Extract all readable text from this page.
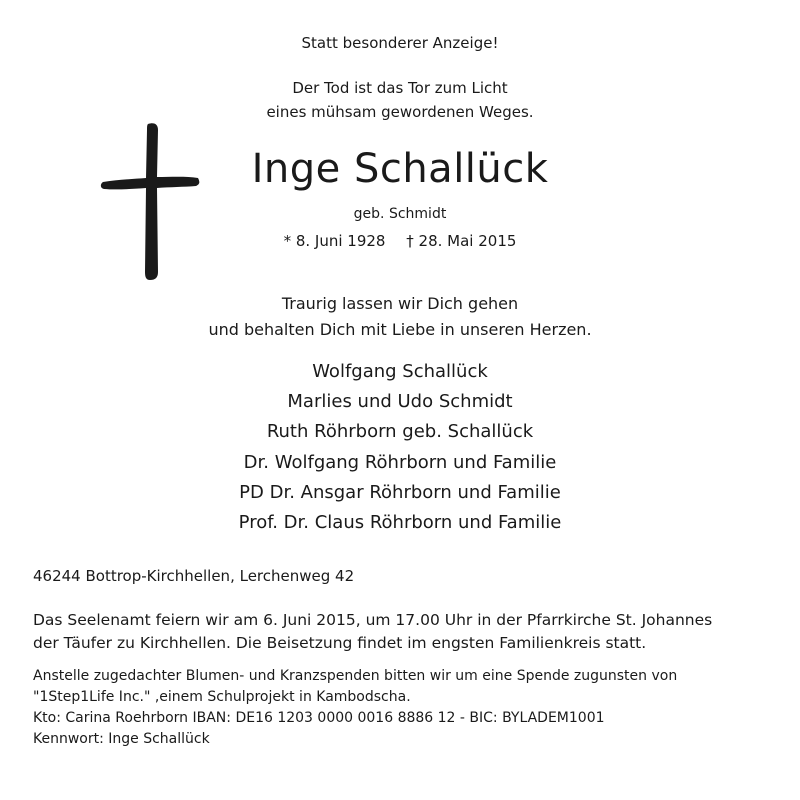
Statt besonderer Anzeige!
Der Tod ist das Tor zum Licht
eines mühsam gewordenen Weges.
Inge Schallück
geb. Schmidt
* 8. Juni 1928 † 28. Mai 2015
Traurig lassen wir Dich gehen
und behalten Dich mit Liebe in unseren Herzen.
Wolfgang Schallück
Marlies und Udo Schmidt
Ruth Röhrborn geb. Schallück
Dr. Wolfgang Röhrborn und Familie
PD Dr. Ansgar Röhrborn und Familie
Prof. Dr. Claus Röhrborn und Familie
46244 Bottrop-Kirchhellen, Lerchenweg 42
Das Seelenamt feiern wir am 6. Juni 2015, um 17.00 Uhr in der Pfarrkirche St. Johannes
der Täufer zu Kirchhellen. Die Beisetzung findet im engsten Familienkreis statt.
Anstelle zugedachter Blumen- und Kranzspenden bitten wir um eine Spende zugunsten von
"1Step1Life Inc." ,einem Schulprojekt in Kambodscha.
Kto: Carina Roehrborn IBAN: DE16 1203 0000 0016 8886 12 - BIC: BYLADEM1001
Kennwort: Inge Schallück
